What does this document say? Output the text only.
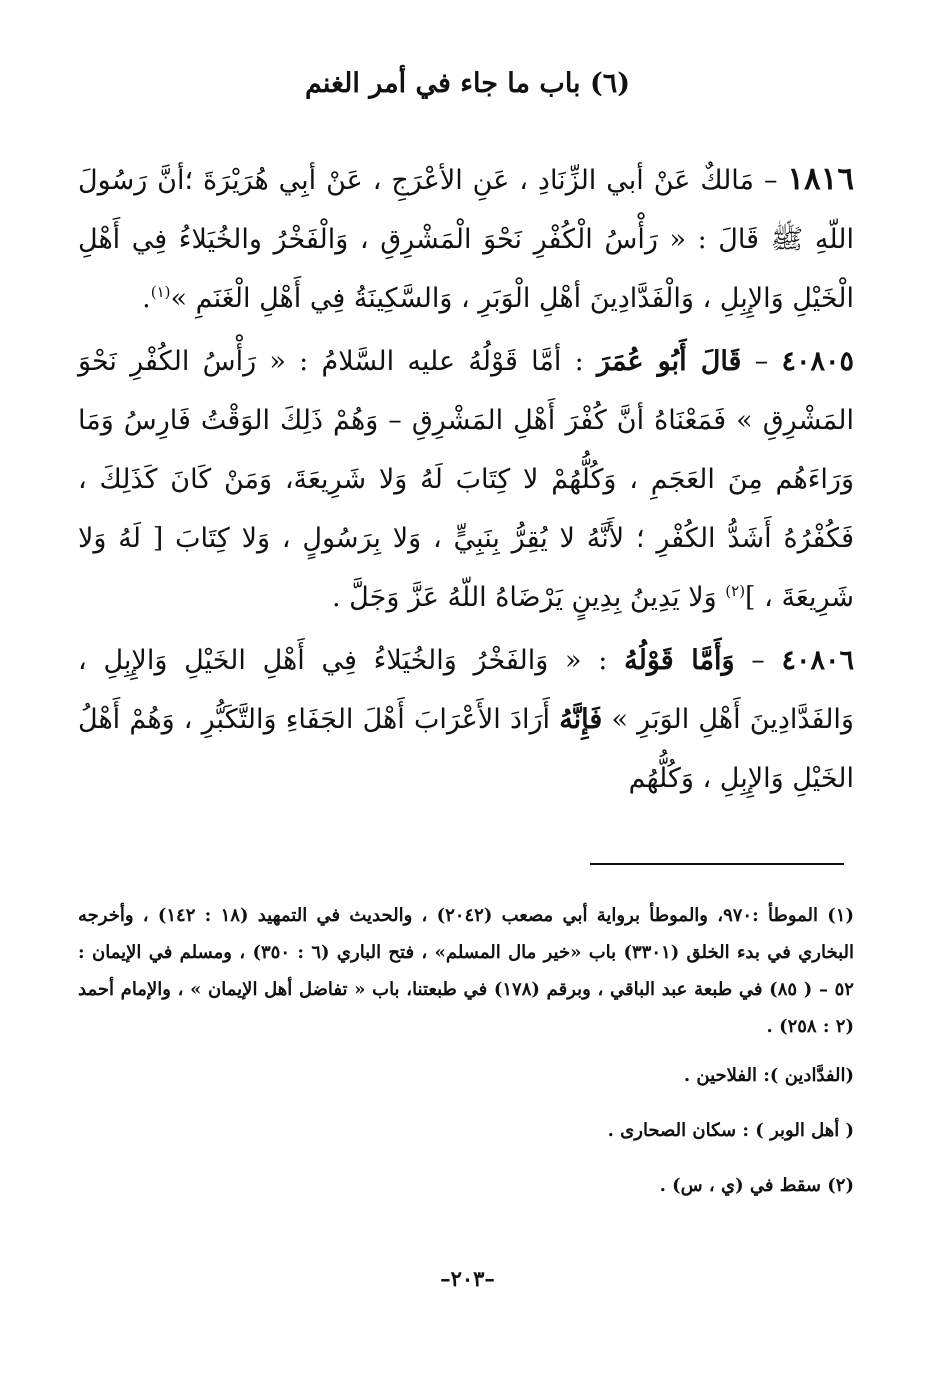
(٦) باب ما جاء في أمر الغنم

١٨١٦ – مَالكٌ عَنْ أبي الزِّنَادِ ، عَنِ الأعْرَجِ ، عَنْ أبِي هُرَيْرَةَ ؛أنَّ رَسُولَ اللّهِ ﷺ قَالَ : « رَأْسُ الْكُفْرِ نَحْوَ الْمَشْرِقِ ، وَالْفَخْرُ والخُيَلاءُ فِي أَهْلِ الْخَيْلِ وَالإِبِلِ ، وَالْفَدَّادِينَ أهْلِ الْوَبَرِ ، وَالسَّكِينَةُ فِي أَهْلِ الْغَنَمِ »$^{(١)}$.

٤٠٨٠٥ – قَالَ أَبُو عُمَرَ : أمَّا قَوْلُهُ عليه السَّلامُ : « رَأْسُ الكُفْرِ نَحْوَ المَشْرِقِ » فَمَعْنَاهُ أنَّ كُفْرَ أَهْلِ المَشْرِقِ – وَهُمْ ذَلِكَ الوَقْتُ فَارِسُ وَمَا وَرَاءَهُم مِنَ العَجَمِ ، وَكُلُّهُمْ لا كِتَابَ لَهُ وَلا شَرِيعَةَ، وَمَنْ كَانَ كَذَلِكَ ، فَكُفْرُهُ أَشَدُّ الكُفْرِ ؛ لأَنَّهُ لا يُقِرُّ بِنَبِيٍّ ، وَلا بِرَسُولٍ ، وَلا كِتَابَ [ لَهُ وَلا شَرِيعَةَ ، ]$^{(٢)}$ وَلا يَدِينُ بِدِينٍ يَرْضَاهُ اللّهُ عَزَّ وَجَلَّ .

٤٠٨٠٦ – وَأَمَّا قَوْلُهُ : « وَالفَخْرُ وَالخُيَلاءُ فِي أَهْلِ الخَيْلِ وَالإِبِلِ ، وَالفَدَّادِينَ أَهْلِ الوَبَرِ » فَإِنَّهُ أَرَادَ الأَعْرَابَ أَهْلَ الجَفَاءِ وَالتَّكَبُّرِ ، وَهُمْ أَهْلُ الخَيْلِ وَالإِبِلِ ، وَكُلُّهُم

(١) الموطأ :٩٧٠، والموطأ برواية أبي مصعب (٢٠٤٢) ، والحديث في التمهيد (١٨ : ١٤٢) ، وأخرجه البخاري في بدء الخلق (٣٣٠١) باب «خير مال المسلم» ، فتح الباري (٦ : ٣٥٠) ، ومسلم في الإيمان : ٥٢ – ( ٨٥) في طبعة عبد الباقي ، وبرقم (١٧٨) في طبعتنا، باب « تفاضل أهل الإيمان » ، والإمام أحمد (٢ : ٢٥٨) .

(الفدَّادين ): الفلاحين .

( أهل الوبر ) : سكان الصحارى .

(٢) سقط في (ي ، س) .

–٢٠٣–
